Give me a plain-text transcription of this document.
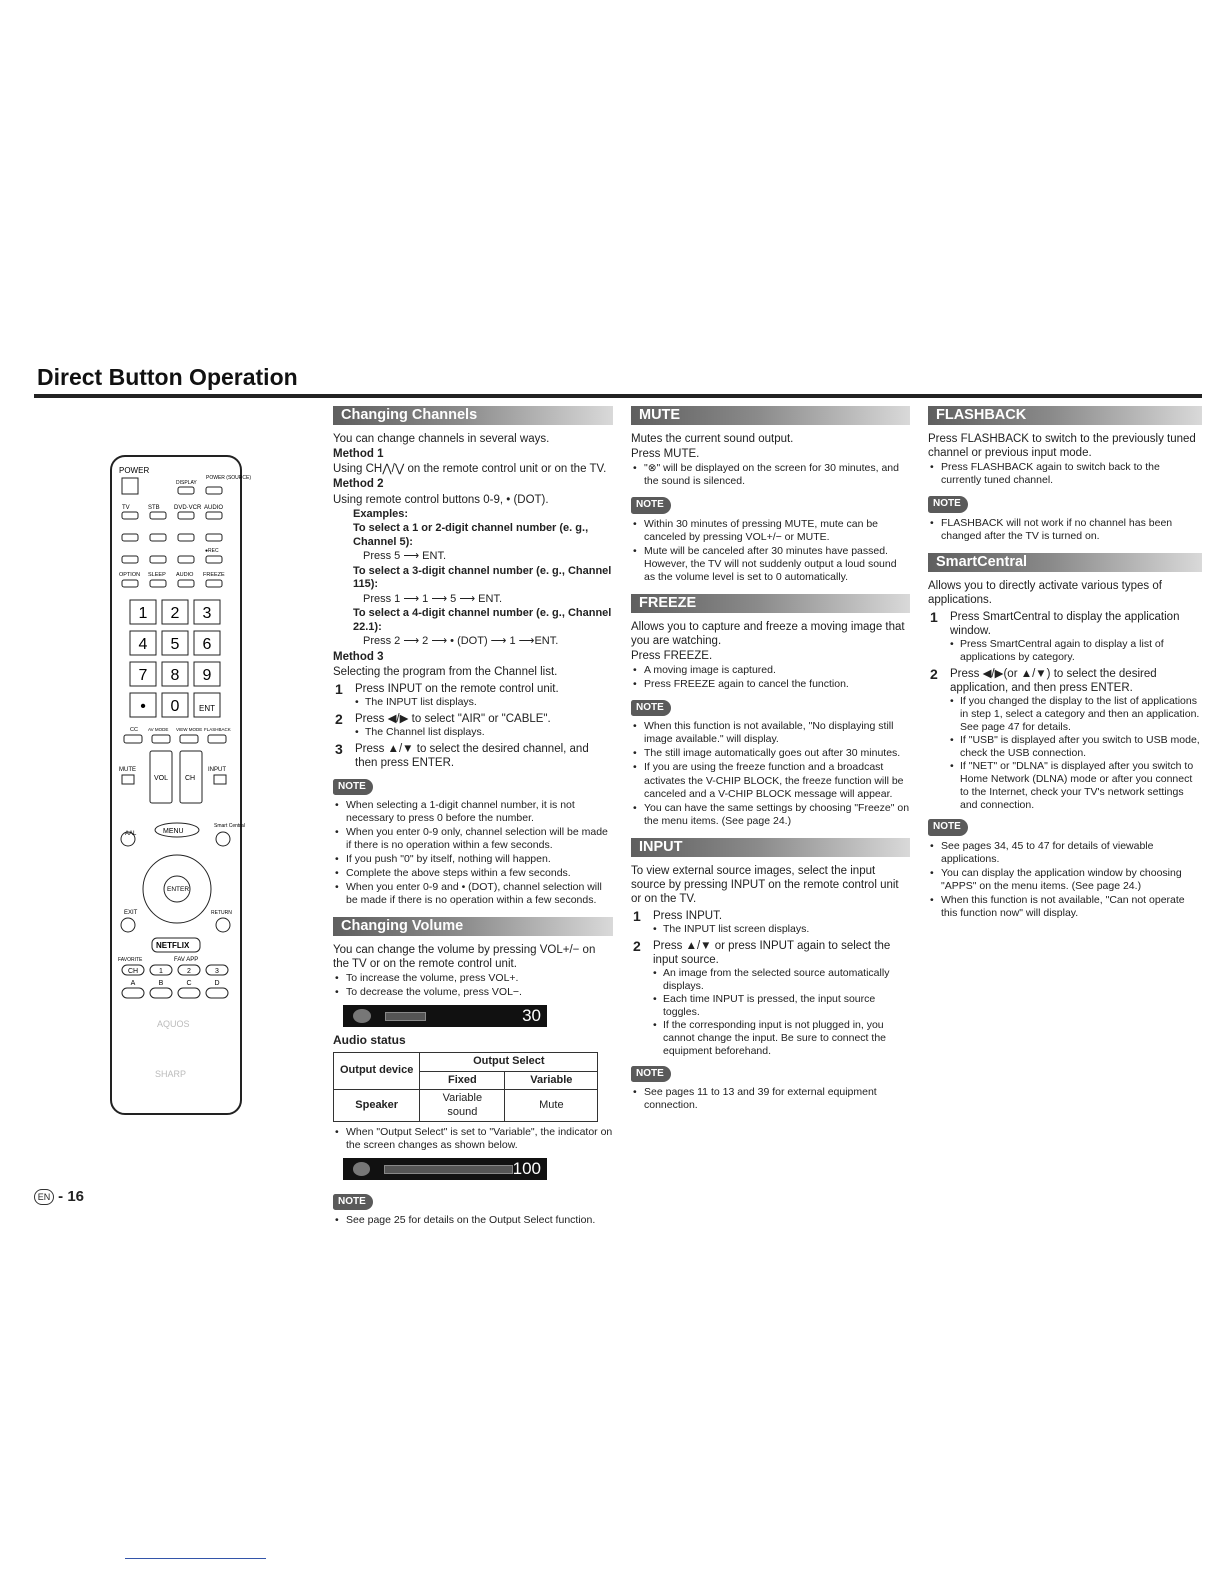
Direct Button Operation
POWER
DISPLAY
POWER (SOURCE)
TV	STB DVD·VCR AUDIO
●REC
OPTION SLEEP AUDIO FREEZE
1 2 3
4 5 6
7 8 9
• 0 ENT
CC AV MODE VIEW MODE FLASHBACK
MUTE
VOL CH
INPUT
AAL	MENU
Smart Central
ENTER
EXIT	RETURN
NETFLIX
FAVORITE	FAV APP
CH	1	2	3
A	B	C	D
AQUOS
SHARP
Changing Channels

You can change channels in several ways.

Method 1

Using CH⋀/⋁ on the remote control unit or on the TV.

Method 2

Using remote control buttons 0-9, • (DOT).

Examples:

To select a 1 or 2-digit channel number (e. g., Channel 5):

Press 5 ⟶ ENT.

To select a 3-digit channel number (e. g., Channel 115):

Press 1 ⟶ 1 ⟶ 5 ⟶ ENT.

To select a 4-digit channel number (e. g., Channel 22.1):

Press 2 ⟶ 2 ⟶ • (DOT) ⟶ 1 ⟶ENT.

Method 3

Selecting the program from the Channel list.

1 Press INPUT on the remote control unit.
• The INPUT list displays.
2 Press ◀/▶ to select "AIR" or "CABLE".
• The Channel list displays.
3 Press ▲/▼ to select the desired channel, and then press ENTER.
NOTE
• When selecting a 1-digit channel number, it is not necessary to press 0 before the number.
• When you enter 0-9 only, channel selection will be made if there is no operation within a few seconds.
• If you push "0" by itself, nothing will happen.
• Complete the above steps within a few seconds.
• When you enter 0-9 and • (DOT), channel selection will be made if there is no operation within a few seconds.
Changing Volume

You can change the volume by pressing VOL+/− on the TV or on the remote control unit.

• To increase the volume, press VOL+.
• To decrease the volume, press VOL−.
30

Audio status

Output device	Output Select	
	Fixed	Variable
Speaker	Variable sound	Mute
• When "Output Select" is set to "Variable", the indicator on the screen changes as shown below.
100
NOTE
• See page 25 for details on the Output Select function.
MUTE

Mutes the current sound output.

Press MUTE.

• "⊗" will be displayed on the screen for 30 minutes, and the sound is silenced.
NOTE
• Within 30 minutes of pressing MUTE, mute can be canceled by pressing VOL+/− or MUTE.
• Mute will be canceled after 30 minutes have passed. However, the TV will not suddenly output a loud sound as the volume level is set to 0 automatically.
FREEZE

Allows you to capture and freeze a moving image that you are watching.

Press FREEZE.

• A moving image is captured.
• Press FREEZE again to cancel the function.
NOTE
• When this function is not available, "No displaying still image available." will display.
• The still image automatically goes out after 30 minutes.
• If you are using the freeze function and a broadcast activates the V-CHIP BLOCK, the freeze function will be canceled and a V-CHIP BLOCK message will appear.
• You can have the same settings by choosing "Freeze" on the menu items. (See page 24.)
INPUT

To view external source images, select the input source by pressing INPUT on the remote control unit or on the TV.

1 Press INPUT.
• The INPUT list screen displays.
2 Press ▲/▼ or press INPUT again to select the input source.
• An image from the selected source automatically displays.
• Each time INPUT is pressed, the input source toggles.
• If the corresponding input is not plugged in, you cannot change the input. Be sure to connect the equipment beforehand.
NOTE
• See pages 11 to 13 and 39 for external equipment connection.
FLASHBACK

Press FLASHBACK to switch to the previously tuned channel or previous input mode.

• Press FLASHBACK again to switch back to the currently tuned channel.
NOTE
• FLASHBACK will not work if no channel has been changed after the TV is turned on.
SmartCentral

Allows you to directly activate various types of applications.

1 Press SmartCentral to display the application window.
• Press SmartCentral again to display a list of applications by category.
2 Press ◀/▶(or ▲/▼) to select the desired application, and then press ENTER.
• If you changed the display to the list of applications in step 1, select a category and then an application. See page 47 for details.
• If "USB" is displayed after you switch to USB mode, check the USB connection.
• If "NET" or "DLNA" is displayed after you switch to Home Network (DLNA) mode or after you connect to the Internet, check your TV's network settings and connection.
NOTE
• See pages 34, 45 to 47 for details of viewable applications.
• You can display the application window by choosing "APPS" on the menu items. (See page 24.)
• When this function is not available, "Can not operate this function now" will display.
EN - 16
